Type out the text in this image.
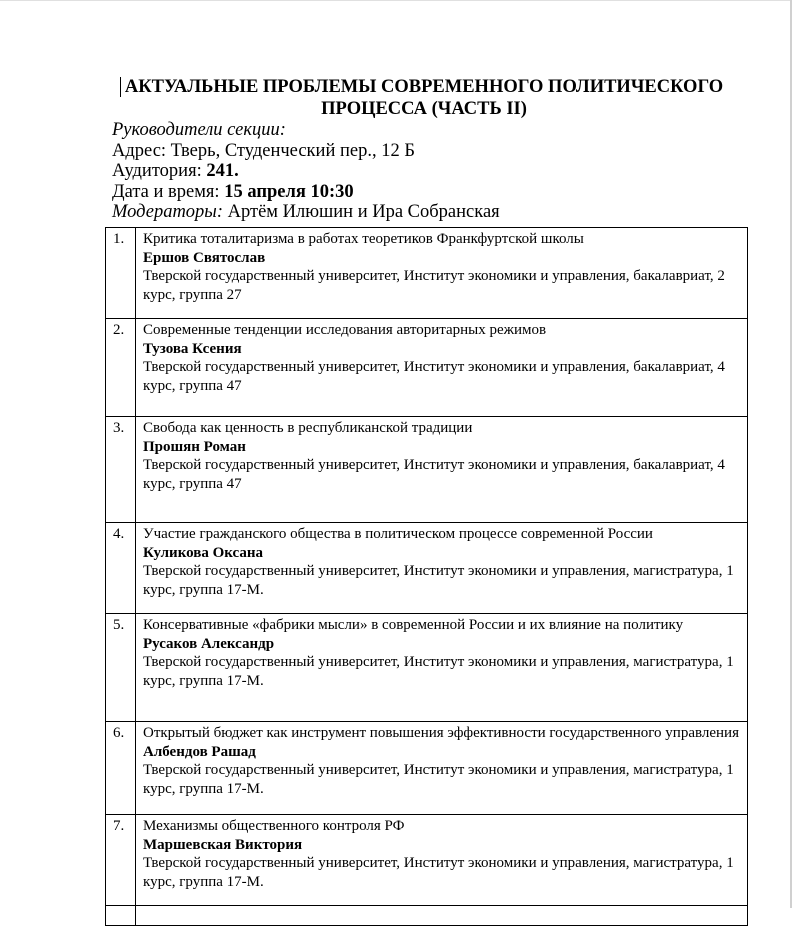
АКТУАЛЬНЫЕ ПРОБЛЕМЫ СОВРЕМЕННОГО ПОЛИТИЧЕСКОГО ПРОЦЕССА (ЧАСТЬ II)
Руководители секции:
Адрес: Тверь, Студенческий пер., 12 Б
Аудитория: 241.
Дата и время: 15 апреля 10:30
Модераторы: Артём Илюшин и Ира Собранская
1.	Критика тоталитаризма в работах теоретиков Франкфуртской школы
Ершов Святослав
Тверской государственный университет, Институт экономики и управления, бакалавриат, 2 курс, группа 27

2.	Современные тенденции исследования авторитарных режимов
Тузова Ксения
Тверской государственный университет, Институт экономики и управления, бакалавриат, 4 курс, группа 47

3.	Свобода как ценность в республиканской традиции
Прошян Роман
Тверской государственный университет, Институт экономики и управления, бакалавриат, 4 курс, группа 47

4.	Участие гражданского общества в политическом процессе современной России
Куликова Оксана
Тверской государственный университет, Институт экономики и управления, магистратура, 1 курс, группа 17-М.

5.	Консервативные «фабрики мысли» в современной России и их влияние на политику
Русаков Александр
Тверской государственный университет, Институт экономики и управления, магистратура, 1 курс, группа 17-М.

6.	Открытый бюджет как инструмент повышения эффективности государственного управления
Албендов Рашад
Тверской государственный университет, Институт экономики и управления, магистратура, 1 курс, группа 17-М.

7.	Механизмы общественного контроля РФ
Маршевская Виктория
Тверской государственный университет, Институт экономики и управления, магистратура, 1 курс, группа 17-М.
